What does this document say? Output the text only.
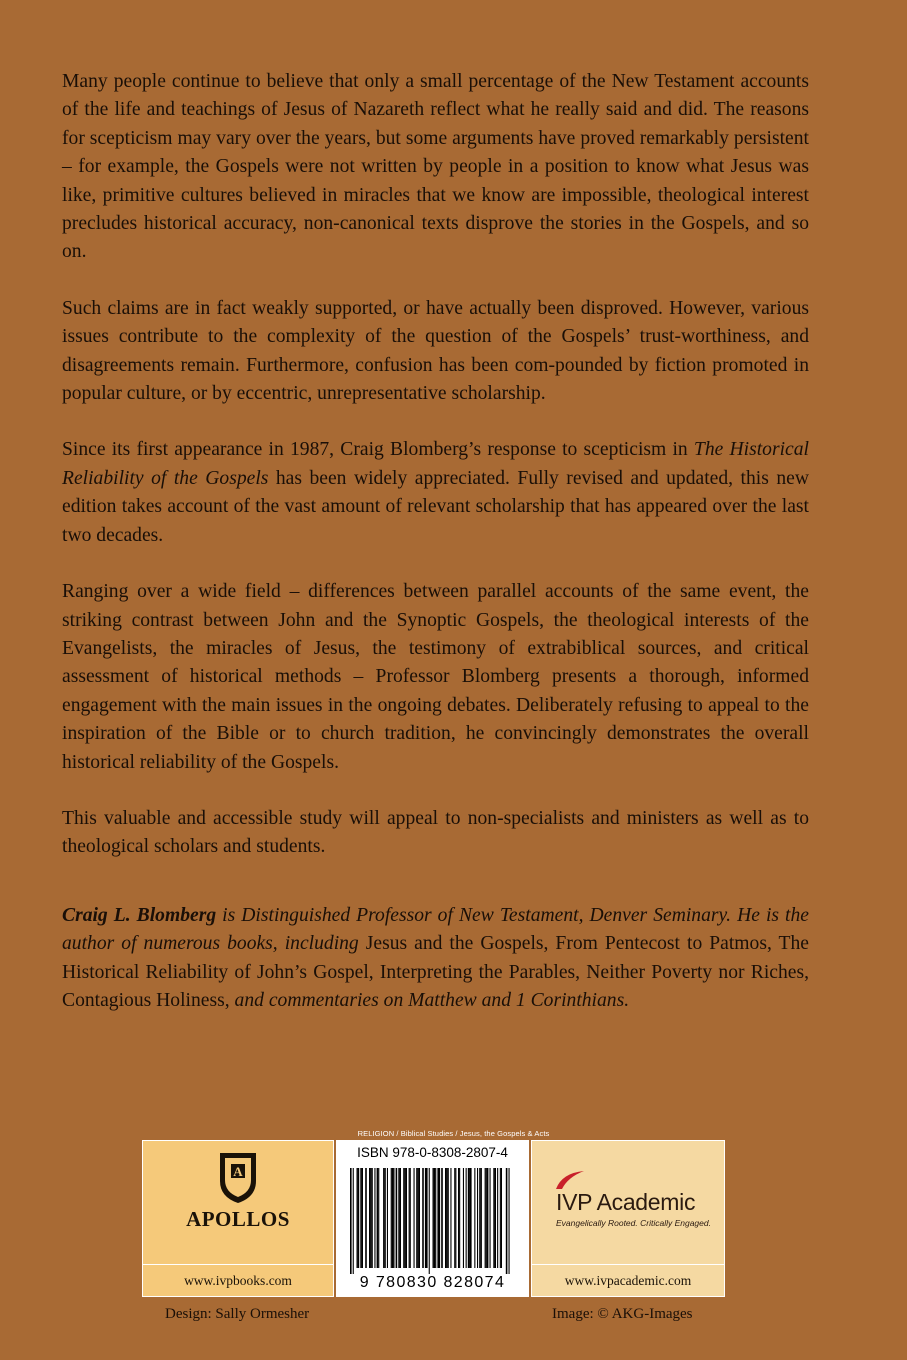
Many people continue to believe that only a small percentage of the New Testament accounts of the life and teachings of Jesus of Nazareth reflect what he really said and did. The reasons for scepticism may vary over the years, but some arguments have proved remarkably persistent – for example, the Gospels were not written by people in a position to know what Jesus was like, primitive cultures believed in miracles that we know are impossible, theological interest precludes historical accuracy, non-canonical texts disprove the stories in the Gospels, and so on.

Such claims are in fact weakly supported, or have actually been disproved. However, various issues contribute to the complexity of the question of the Gospels’ trust-worthiness, and disagreements remain. Furthermore, confusion has been com-pounded by fiction promoted in popular culture, or by eccentric, unrepresentative scholarship.

Since its first appearance in 1987, Craig Blomberg’s response to scepticism in The Historical Reliability of the Gospels has been widely appreciated. Fully revised and updated, this new edition takes account of the vast amount of relevant scholarship that has appeared over the last two decades.

Ranging over a wide field – differences between parallel accounts of the same event, the striking contrast between John and the Synoptic Gospels, the theological interests of the Evangelists, the miracles of Jesus, the testimony of extrabiblical sources, and critical assessment of historical methods – Professor Blomberg presents a thorough, informed engagement with the main issues in the ongoing debates. Deliberately refusing to appeal to the inspiration of the Bible or to church tradition, he convincingly demonstrates the overall historical reliability of the Gospels.

This valuable and accessible study will appeal to non-specialists and ministers as well as to theological scholars and students.

Craig L. Blomberg is Distinguished Professor of New Testament, Denver Seminary. He is the author of numerous books, including Jesus and the Gospels, From Pentecost to Patmos, The Historical Reliability of John’s Gospel, Interpreting the Parables, Neither Poverty nor Riches, Contagious Holiness, and commentaries on Matthew and 1 Corinthians.

RELIGION / Biblical Studies / Jesus, the Gospels & Acts
A
APOLLOS
www.ivpbooks.com
ISBN 978-0-8308-2807-4
9 780830 828074
IVP Academic
Evangelically Rooted. Critically Engaged.
www.ivpacademic.com
Design: Sally Ormesher	Image: © AKG-Images
